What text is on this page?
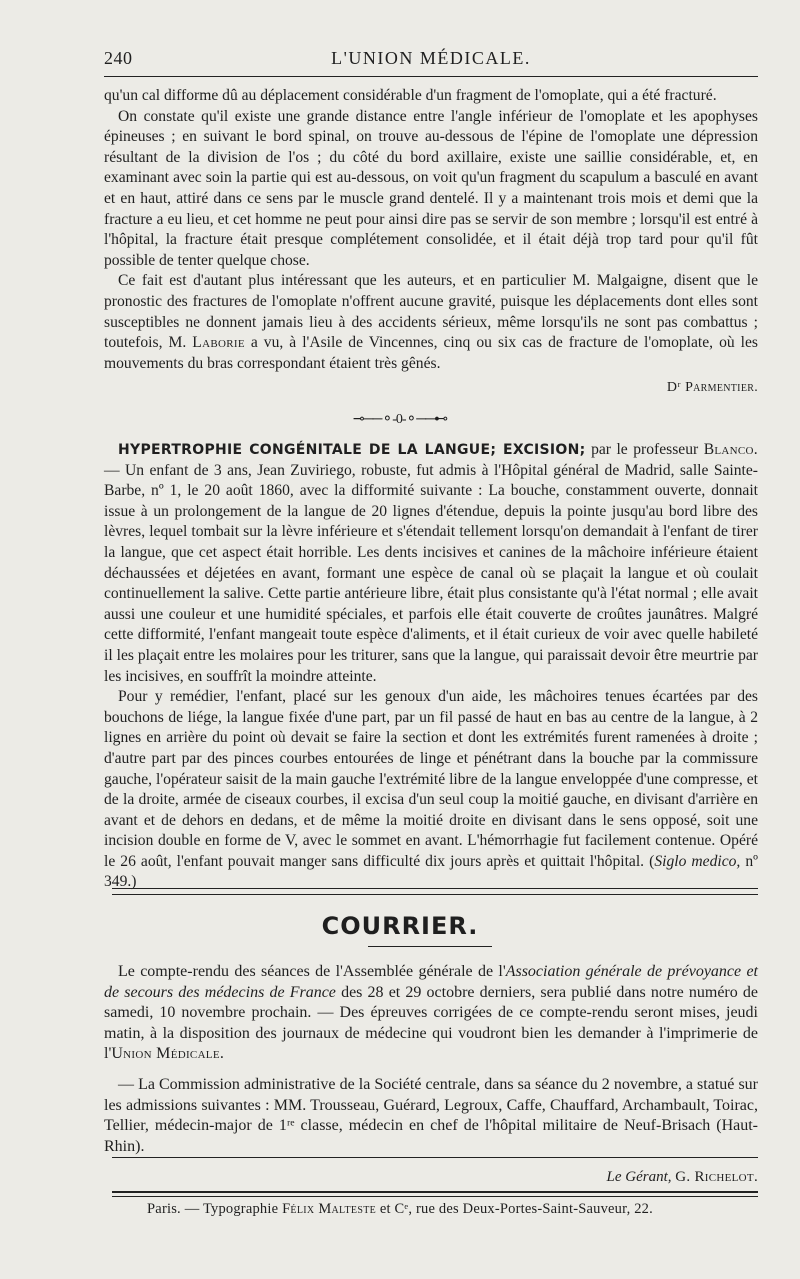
240	L'UNION MÉDICALE.

qu'un cal difforme dû au déplacement considérable d'un fragment de l'omoplate, qui a été fracturé.

On constate qu'il existe une grande distance entre l'angle inférieur de l'omoplate et les apophyses épineuses ; en suivant le bord spinal, on trouve au-dessous de l'épine de l'omoplate une dépression résultant de la division de l'os ; du côté du bord axillaire, existe une saillie considérable, et, en examinant avec soin la partie qui est au-dessous, on voit qu'un fragment du scapulum a basculé en avant et en haut, attiré dans ce sens par le muscle grand dentelé. Il y a maintenant trois mois et demi que la fracture a eu lieu, et cet homme ne peut pour ainsi dire pas se servir de son membre ; lorsqu'il est entré à l'hôpital, la fracture était presque complétement consolidée, et il était déjà trop tard pour qu'il fût possible de tenter quelque chose.

Ce fait est d'autant plus intéressant que les auteurs, et en particulier M. Malgaigne, disent que le pronostic des fractures de l'omoplate n'offrent aucune gravité, puisque les déplacements dont elles sont susceptibles ne donnent jamais lieu à des accidents sérieux, même lorsqu'ils ne sont pas combattus ; toutefois, M. Laborie a vu, à l'Asile de Vincennes, cinq ou six cas de fracture de l'omoplate, où les mouvements du bras correspondant étaient très gênés.

Dʳ Parmentier.

⊸──⚬-0-⚬──⊷

HYPERTROPHIE CONGÉNITALE DE LA LANGUE; EXCISION; par le professeur Blanco. — Un enfant de 3 ans, Jean Zuviriego, robuste, fut admis à l'Hôpital général de Madrid, salle Sainte-Barbe, nº 1, le 20 août 1860, avec la difformité suivante : La bouche, constamment ouverte, donnait issue à un prolongement de la langue de 20 lignes d'étendue, depuis la pointe jusqu'au bord libre des lèvres, lequel tombait sur la lèvre inférieure et s'étendait tellement lorsqu'on demandait à l'enfant de tirer la langue, que cet aspect était horrible. Les dents incisives et canines de la mâchoire inférieure étaient déchaussées et déjetées en avant, formant une espèce de canal où se plaçait la langue et où coulait continuellement la salive. Cette partie antérieure libre, était plus consistante qu'à l'état normal ; elle avait aussi une couleur et une humidité spéciales, et parfois elle était couverte de croûtes jaunâtres. Malgré cette difformité, l'enfant mangeait toute espèce d'aliments, et il était curieux de voir avec quelle habileté il les plaçait entre les molaires pour les triturer, sans que la langue, qui paraissait devoir être meurtrie par les incisives, en souffrît la moindre atteinte.

Pour y remédier, l'enfant, placé sur les genoux d'un aide, les mâchoires tenues écartées par des bouchons de liége, la langue fixée d'une part, par un fil passé de haut en bas au centre de la langue, à 2 lignes en arrière du point où devait se faire la section et dont les extrémités furent ramenées à droite ; d'autre part par des pinces courbes entourées de linge et pénétrant dans la bouche par la commissure gauche, l'opérateur saisit de la main gauche l'extrémité libre de la langue enveloppée d'une compresse, et de la droite, armée de ciseaux courbes, il excisa d'un seul coup la moitié gauche, en divisant d'arrière en avant et de dehors en dedans, et de même la moitié droite en divisant dans le sens opposé, soit une incision double en forme de V, avec le sommet en avant. L'hémorrhagie fut facilement contenue. Opéré le 26 août, l'enfant pouvait manger sans difficulté dix jours après et quittait l'hôpital. (Siglo medico, nº 349.)

COURRIER.

Le compte-rendu des séances de l'Assemblée générale de l'Association générale de prévoyance et de secours des médecins de France des 28 et 29 octobre derniers, sera publié dans notre numéro de samedi, 10 novembre prochain. — Des épreuves corrigées de ce compte-rendu seront mises, jeudi matin, à la disposition des journaux de médecine qui voudront bien les demander à l'imprimerie de l'Union Médicale.

— La Commission administrative de la Société centrale, dans sa séance du 2 novembre, a statué sur les admissions suivantes : MM. Trousseau, Guérard, Legroux, Caffe, Chauffard, Archambault, Toirac, Tellier, médecin-major de 1ʳᵉ classe, médecin en chef de l'hôpital militaire de Neuf-Brisach (Haut-Rhin).

Le Gérant, G. Richelot.
Paris. — Typographie Félix Malteste et Cᵉ, rue des Deux-Portes-Saint-Sauveur, 22.
